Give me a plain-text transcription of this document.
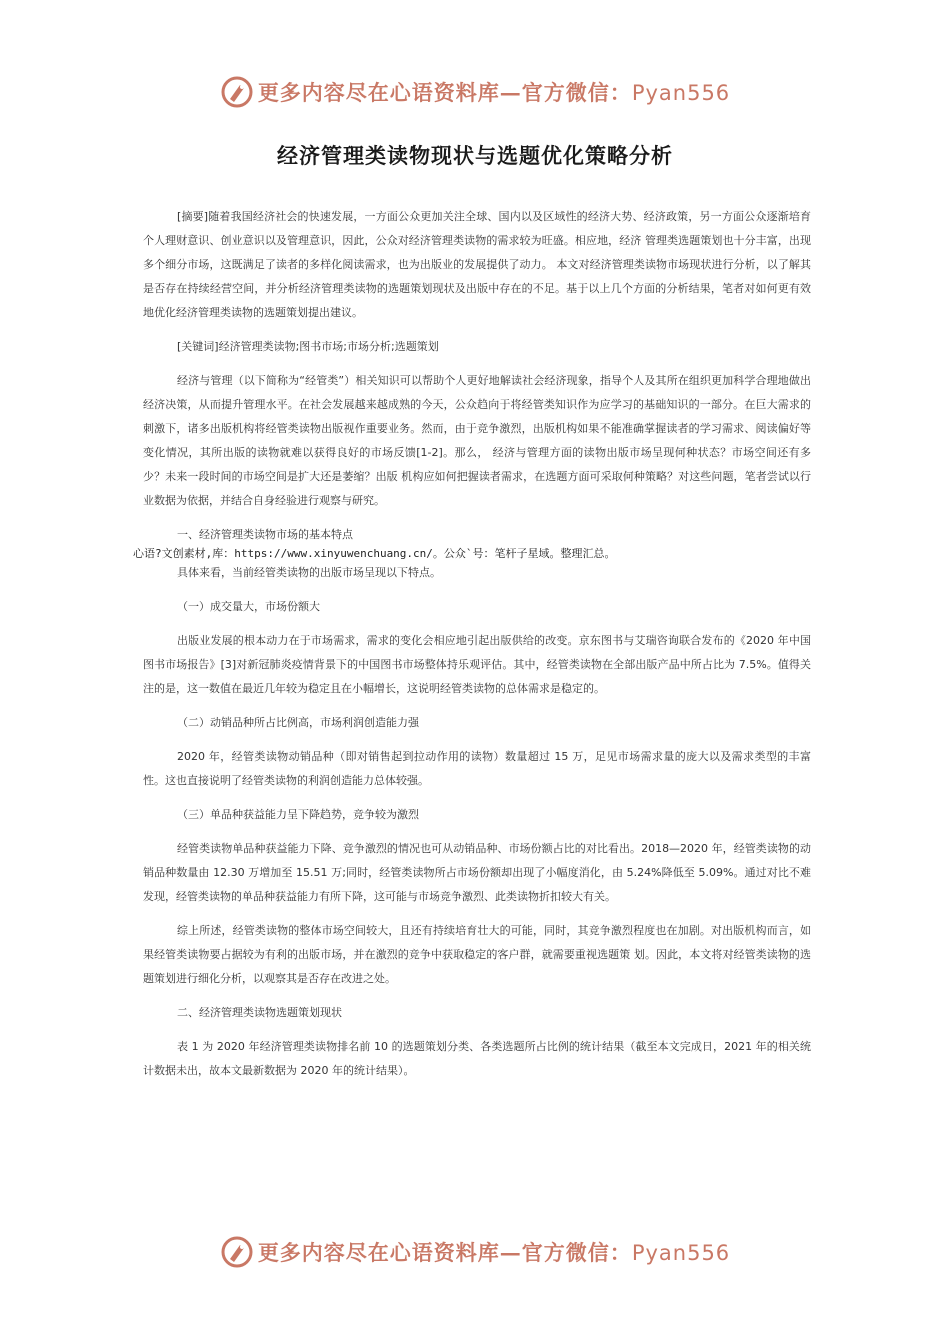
更多内容尽在心语资料库—官方微信：Pyan556
经济管理类读物现状与选题优化策略分析

[摘要]随着我国经济社会的快速发展，一方面公众更加关注全球、国内以及区域性的经济大势、经济政策，另一方面公众逐渐培育个人理财意识、创业意识以及管理意识，因此，公众对经济管理类读物的需求较为旺盛。相应地，经济 管理类选题策划也十分丰富，出现多个细分市场，这既满足了读者的多样化阅读需求，也为出版业的发展提供了动力。 本文对经济管理类读物市场现状进行分析，以了解其是否存在持续经营空间，并分析经济管理类读物的选题策划现状及出版中存在的不足。基于以上几个方面的分析结果，笔者对如何更有效地优化经济管理类读物的选题策划提出建议。

[关键词]经济管理类读物;图书市场;市场分析;选题策划

经济与管理（以下简称为“经管类”）相关知识可以帮助个人更好地解读社会经济现象，指导个人及其所在组织更加科学合理地做出经济决策，从而提升管理水平。在社会发展越来越成熟的今天，公众趋向于将经管类知识作为应学习的基础知识的一部分。在巨大需求的刺激下，诸多出版机构将经管类读物出版视作重要业务。然而，由于竞争激烈，出版机构如果不能准确掌握读者的学习需求、阅读偏好等变化情况，其所出版的读物就难以获得良好的市场反馈[1-2]。那么， 经济与管理方面的读物出版市场呈现何种状态？市场空间还有多少？未来一段时间的市场空间是扩大还是萎缩？出版 机构应如何把握读者需求，在选题方面可采取何种策略？对这些问题，笔者尝试以行业数据为依据，并结合自身经验进行观察与研究。

一、经济管理类读物市场的基本特点

心语?文创素材,库：https://www.xinyuwenchuang.cn/。公众`号：笔杆子星域。整理汇总。

具体来看，当前经管类读物的出版市场呈现以下特点。

（一）成交量大，市场份额大

出版业发展的根本动力在于市场需求，需求的变化会相应地引起出版供给的改变。京东图书与艾瑞咨询联合发布的《2020 年中国图书市场报告》[3]对新冠肺炎疫情背景下的中国图书市场整体持乐观评估。其中，经管类读物在全部出版产品中所占比为 7.5%。值得关注的是，这一数值在最近几年较为稳定且在小幅增长，这说明经管类读物的总体需求是稳定的。

（二）动销品种所占比例高，市场利润创造能力强

2020 年，经管类读物动销品种（即对销售起到拉动作用的读物）数量超过 15 万，足见市场需求量的庞大以及需求类型的丰富性。这也直接说明了经管类读物的利润创造能力总体较强。

（三）单品种获益能力呈下降趋势，竞争较为激烈

经管类读物单品种获益能力下降、竞争激烈的情况也可从动销品种、市场份额占比的对比看出。2018—2020 年，经管类读物的动销品种数量由 12.30 万增加至 15.51 万;同时，经管类读物所占市场份额却出现了小幅度消化，由 5.24%降低至 5.09%。通过对比不难发现，经管类读物的单品种获益能力有所下降，这可能与市场竞争激烈、此类读物折扣较大有关。

综上所述，经管类读物的整体市场空间较大，且还有持续培育壮大的可能，同时，其竞争激烈程度也在加剧。对出版机构而言，如果经管类读物要占据较为有利的出版市场，并在激烈的竞争中获取稳定的客户群，就需要重视选题策 划。因此，本文将对经管类读物的选题策划进行细化分析，以观察其是否存在改进之处。

二、经济管理类读物选题策划现状

表 1 为 2020 年经济管理类读物排名前 10 的选题策划分类、各类选题所占比例的统计结果（截至本文完成日，2021 年的相关统计数据未出，故本文最新数据为 2020 年的统计结果）。

更多内容尽在心语资料库—官方微信：Pyan556
